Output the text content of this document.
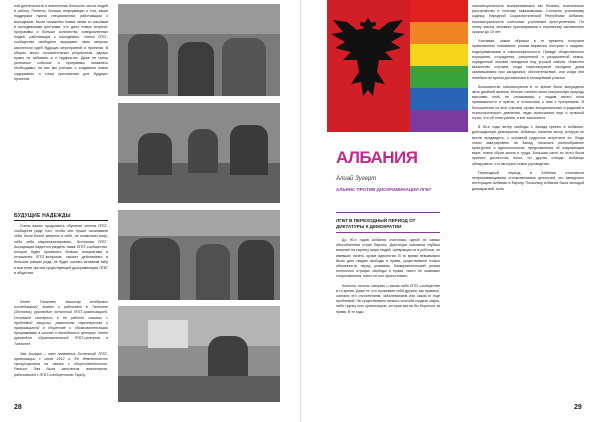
ной деятельности и вовлечения большого числа людей в работу. Понятно, больше информации о том, какая поддержка нужна специалистам, работающим с молодежью. Были налажены новые связи со школами и молодежными центрами, что дало новые встречи, программы и больше количество осведомленных людей, работающих с молодёжью. Члены ЛГБТ-сообщества свободнее выражают свои запросы касательно идей будущих мероприятий и проектов. В общем, много положительных результатов, однако нужно не забывать и о трудностях. Даже не очень успешные события и программы оказались необходимы: на них мы учились и создавали новое содержание и точки приложения для будущих проектов.

БУДУЩИЕ НАДЕЖДЫ

Очень важно продолжать обучение членов ЛГБТ-сообществ ради того, чтобы они лучше осознавали себя, были более уверены в себе, не позволяли кому-либо себя маргинализировать. Эстонская ЛГБТ-Ассоциация надеется увидеть также ЛГБТ-сообщество, которое будет проявлять больше инициативы в отношении ЛГБТ-вопросов, сможет действовать в бóльших рамках ряда, не будет считать активизм табу и выступит против существующей дискриминации ЛГБТ в обществе.

Хелен Талалаев, магистр гендерных исследований, живет и работает в Таллинне (Эстония), руководит эстонской ЛГБТ-организацией. Основные интересы в ее работе связаны с проблемой защиты, развитием партнерства и правозащитой в обществе и образовательными программами в школах о молодежных центрах. Хелен руководит образовательной ЛГБТ-центром в Таллинне.

Эва Аншара – член правления Эстонской ЛГБТ-организации с июня 2012 г. Ее деятельность сфокусирована на связях с общественностью. Раньше Эва была активным волонтером, работавшей с ЛГБТ-сообществом Тарту.

28
АЛБАНИЯ
Алиай Зугерт
АЛЬЯНС ПРОТИВ ДИСКРИМИНАЦИИ ЛГБТ
ЛГБТ В ПЕРЕХОДНЫЙ ПЕРИОД ОТ ДИКТАТУРЫ К ДЕМОКРАТИИ

До 90-х годов Албания считалась одной из самых обособленных стран Европы. Диктатура повлияла глубоко влияние на картину мира людей, превращая их в роботов, не имевших ничего, кроме идеологии. В то время невозможно было дать людям свободы и права, существовали только обязанности перед режимом. Коммунистический режим полностью отрицал свободы и права, никто не оказывал сопротивления, никто не мог протестовать.

Конечно, нельзя говорить о каком-либо ЛГБТ-сообществе в то время. Даже те, кто осознавал себя другим, как правило, считали это отклонением, заболеванием или какой-то ещё проблемой. Не существовало низкого способа создать какую-либо группу или организацию, которая могла бы бороться за права. В те годы

гомосексуальность воспринималась как болезнь, психическое расстройство и поэтому наказывалась. Согласно уголовному кодексу Народной Социалистической Республики Албания, гомосексуальность считалась уголовным преступлением. По этому закону человека приговаривали к тюремному заключению сроком до 10 лет.

Учитывая, каким образом в те времена получали нравственное понимание, режим вырвался поступил с людьми, подозреваемыми в гомосексуальности. Прежде общественного порицания, отчуждения, разоренной и разрушенной семьи, осужденный человек находился под угрозой смерти. Известно множество случаев, когда гомосексуалов находили дома сконившимися при загадочных обстоятельствах, или когда они погибали во время доставления в полицейский участок.

Большинство гомосексуалов в то время были вынуждены жить двойной жизнью. Многие считали свою сексуальную природу мыслями злой, не отказываясь к людям своего пола привязанности и чувств, и относились к ним с презрением. В большинстве из этих случаев, кроме эмоциональных страданий и психологического давления, люди испытывали еще и сильный страх, что об этом узнают, и все закончится.

В 90-е годы ветер свободы с Запада принес в Албанию, долгожданную демократию. Албанцы, начиная эпоху, которую не могли предвидеть, с огромной радостью встретили ее. Люди стали эмигрировать на Запад, начались разнообразные культурные и идеологические, представления об окружающем мире, новое образ жизни и труда. Большая часть из этого была принята достаточно легко, но другая отнюдь. Албанцы обнаружили, что им нужно новое руководство.

Переходный период в Албании отличается непрерывающимися столкновениями ценностей, что замедлило интеграцию Албании в Европу. Поскольку Албания была молодой демократией, сила

29
